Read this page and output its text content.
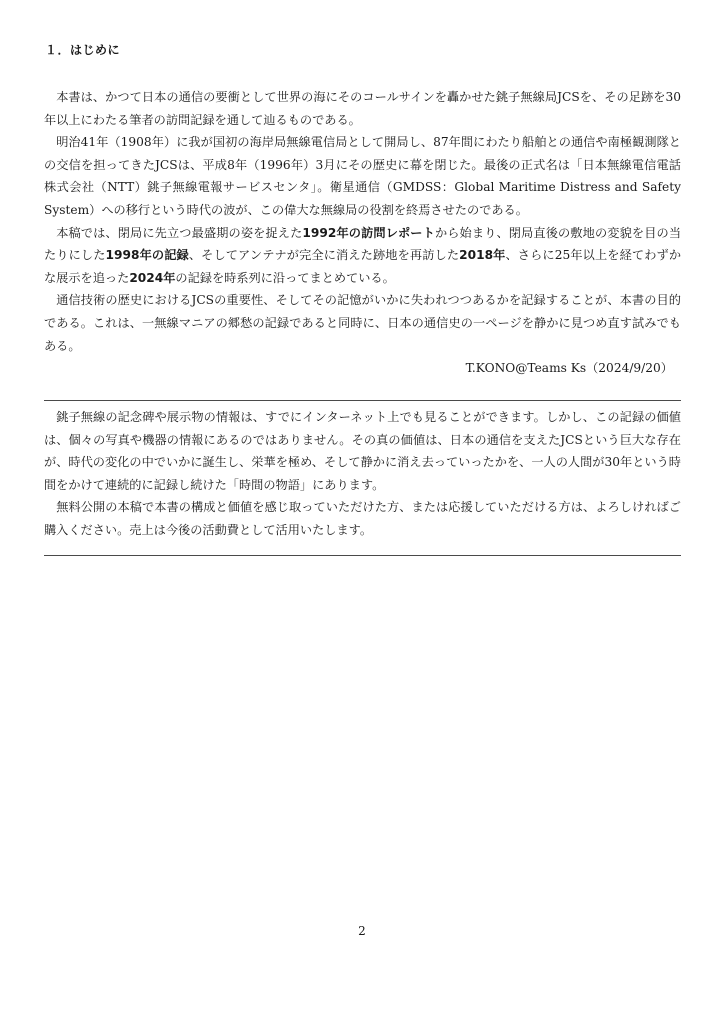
１．はじめに

本書は、かつて日本の通信の要衝として世界の海にそのコールサインを轟かせた銚子無線局JCSを、その足跡を30年以上にわたる筆者の訪問記録を通して辿るものである。

明治41年（1908年）に我が国初の海岸局無線電信局として開局し、87年間にわたり船舶との通信や南極観測隊との交信を担ってきたJCSは、平成8年（1996年）3月にその歴史に幕を閉じた。最後の正式名は「日本無線電信電話株式会社（NTT）銚子無線電報サービスセンタ」。衛星通信（GMDSS：Global Maritime Distress and Safety System）への移行という時代の波が、この偉大な無線局の役割を終焉させたのである。

本稿では、閉局に先立つ最盛期の姿を捉えた1992年の訪問レポートから始まり、閉局直後の敷地の変貌を目の当たりにした1998年の記録、そしてアンテナが完全に消えた跡地を再訪した2018年、さらに25年以上を経てわずかな展示を追った2024年の記録を時系列に沿ってまとめている。

通信技術の歴史におけるJCSの重要性、そしてその記憶がいかに失われつつあるかを記録することが、本書の目的である。これは、一無線マニアの郷愁の記録であると同時に、日本の通信史の一ページを静かに見つめ直す試みでもある。

T.KONO@Teams Ks（2024/9/20）

銚子無線の記念碑や展示物の情報は、すでにインターネット上でも見ることができます。しかし、この記録の価値は、個々の写真や機器の情報にあるのではありません。その真の価値は、日本の通信を支えたJCSという巨大な存在が、時代の変化の中でいかに誕生し、栄華を極め、そして静かに消え去っていったかを、一人の人間が30年という時間をかけて連続的に記録し続けた「時間の物語」にあります。

無料公開の本稿で本書の構成と価値を感じ取っていただけた方、または応援していただける方は、よろしければご購入ください。売上は今後の活動費として活用いたします。

2
